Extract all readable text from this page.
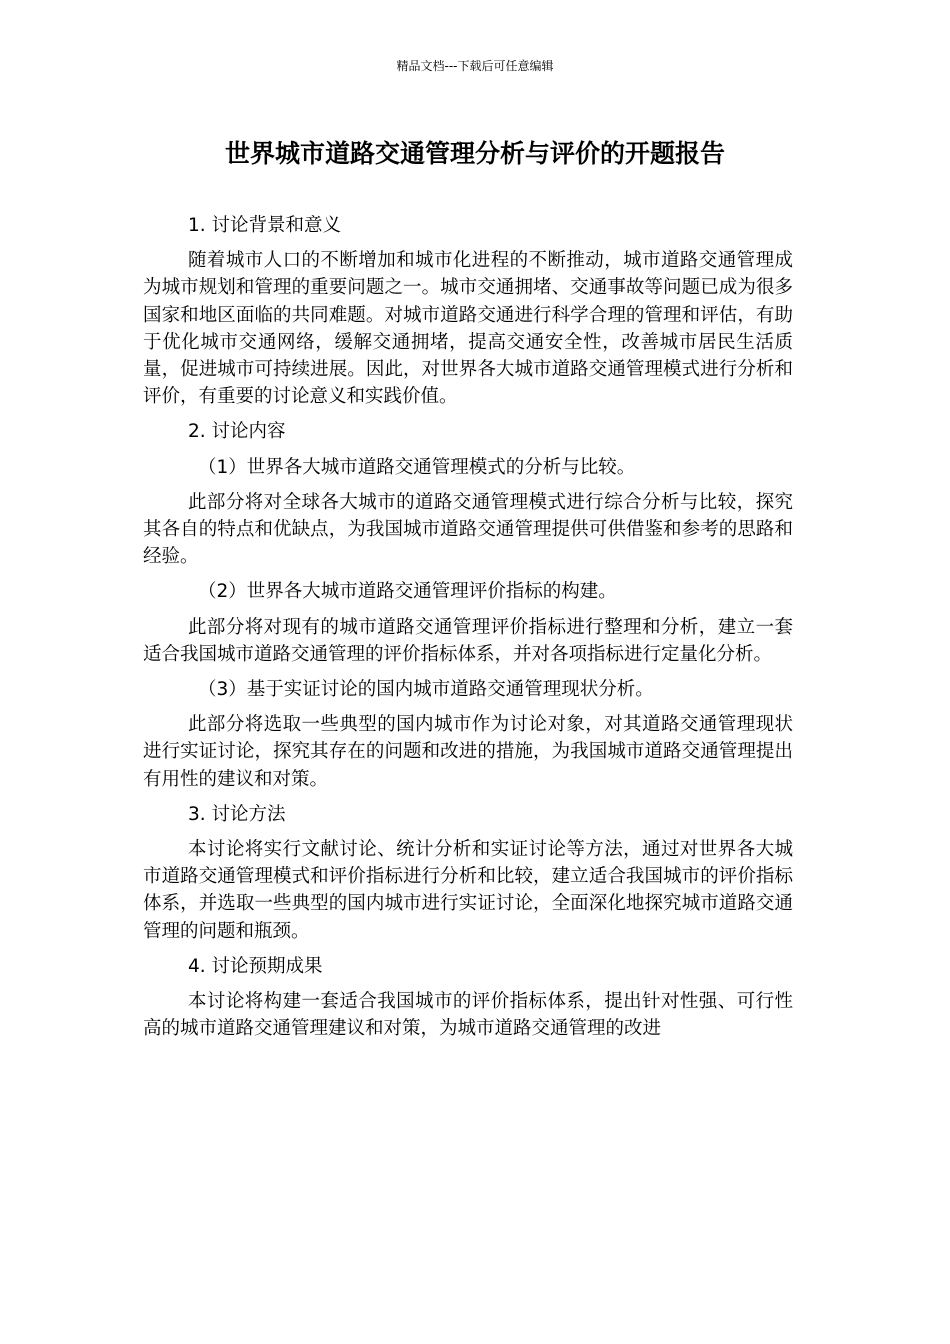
精品文档---下载后可任意编辑
世界城市道路交通管理分析与评价的开题报告

1. 讨论背景和意义

随着城市人口的不断增加和城市化进程的不断推动，城市道路交通管理成为城市规划和管理的重要问题之一。城市交通拥堵、交通事故等问题已成为很多国家和地区面临的共同难题。对城市道路交通进行科学合理的管理和评估，有助于优化城市交通网络，缓解交通拥堵，提高交通安全性，改善城市居民生活质量，促进城市可持续进展。因此，对世界各大城市道路交通管理模式进行分析和评价，有重要的讨论意义和实践价值。

2. 讨论内容

（1）世界各大城市道路交通管理模式的分析与比较。

此部分将对全球各大城市的道路交通管理模式进行综合分析与比较，探究其各自的特点和优缺点，为我国城市道路交通管理提供可供借鉴和参考的思路和经验。

（2）世界各大城市道路交通管理评价指标的构建。

此部分将对现有的城市道路交通管理评价指标进行整理和分析，建立一套适合我国城市道路交通管理的评价指标体系，并对各项指标进行定量化分析。

（3）基于实证讨论的国内城市道路交通管理现状分析。

此部分将选取一些典型的国内城市作为讨论对象，对其道路交通管理现状进行实证讨论，探究其存在的问题和改进的措施，为我国城市道路交通管理提出有用性的建议和对策。

3. 讨论方法

本讨论将实行文献讨论、统计分析和实证讨论等方法，通过对世界各大城市道路交通管理模式和评价指标进行分析和比较，建立适合我国城市的评价指标体系，并选取一些典型的国内城市进行实证讨论，全面深化地探究城市道路交通管理的问题和瓶颈。

4. 讨论预期成果

本讨论将构建一套适合我国城市的评价指标体系，提出针对性强、可行性高的城市道路交通管理建议和对策，为城市道路交通管理的改进
